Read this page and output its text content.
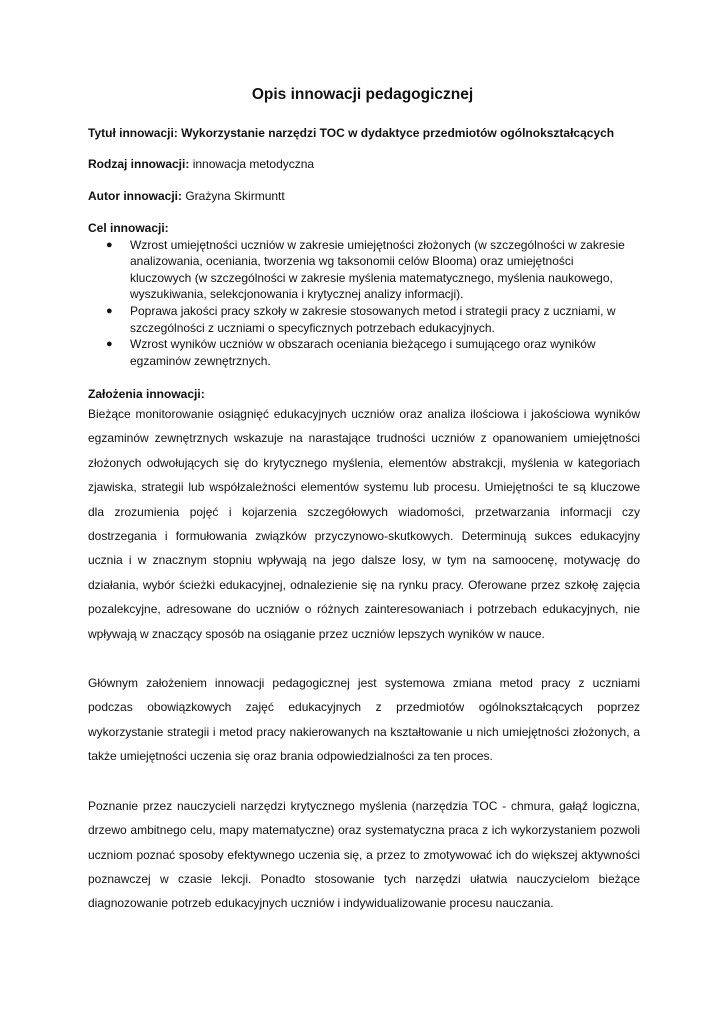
Opis innowacji pedagogicznej
Tytuł innowacji: Wykorzystanie narzędzi TOC w dydaktyce przedmiotów ogólnokształcących
Rodzaj innowacji: innowacja metodyczna
Autor innowacji: Grażyna Skirmuntt
Cel innowacji:
● Wzrost umiejętności uczniów w zakresie umiejętności złożonych (w szczególności w zakresie analizowania, oceniania, tworzenia wg taksonomii celów Blooma) oraz umiejętności kluczowych (w szczególności w zakresie myślenia matematycznego, myślenia naukowego, wyszukiwania, selekcjonowania i krytycznej analizy informacji).
● Poprawa jakości pracy szkoły w zakresie stosowanych metod i strategii pracy z uczniami, w szczególności z uczniami o specyficznych potrzebach edukacyjnych.
● Wzrost wyników uczniów w obszarach oceniania bieżącego i sumującego oraz wyników egzaminów zewnętrznych.
Założenia innowacji:

Bieżące monitorowanie osiągnięć edukacyjnych uczniów oraz analiza ilościowa i jakościowa wyników egzaminów zewnętrznych wskazuje na narastające trudności uczniów z opanowaniem umiejętności złożonych odwołujących się do krytycznego myślenia, elementów abstrakcji, myślenia w kategoriach zjawiska, strategii lub współzależności elementów systemu lub procesu. Umiejętności te są kluczowe dla zrozumienia pojęć i kojarzenia szczegółowych wiadomości, przetwarzania informacji czy dostrzegania i formułowania związków przyczynowo-skutkowych. Determinują sukces edukacyjny ucznia i w znacznym stopniu wpływają na jego dalsze losy, w tym na samoocenę, motywację do działania, wybór ścieżki edukacyjnej, odnalezienie się na rynku pracy. Oferowane przez szkołę zajęcia pozalekcyjne, adresowane do uczniów o różnych zainteresowaniach i potrzebach edukacyjnych, nie wpływają w znaczący sposób na osiąganie przez uczniów lepszych wyników w nauce.

Głównym założeniem innowacji pedagogicznej jest systemowa zmiana metod pracy z uczniami podczas obowiązkowych zajęć edukacyjnych z przedmiotów ogólnokształcących poprzez wykorzystanie strategii i metod pracy nakierowanych na kształtowanie u nich umiejętności złożonych, a także umiejętności uczenia się oraz brania odpowiedzialności za ten proces.

Poznanie przez nauczycieli narzędzi krytycznego myślenia (narzędzia TOC - chmura, gałąź logiczna, drzewo ambitnego celu, mapy matematyczne) oraz systematyczna praca z ich wykorzystaniem pozwoli uczniom poznać sposoby efektywnego uczenia się, a przez to zmotywować ich do większej aktywności poznawczej w czasie lekcji. Ponadto stosowanie tych narzędzi ułatwia nauczycielom bieżące diagnozowanie potrzeb edukacyjnych uczniów i indywidualizowanie procesu nauczania.
